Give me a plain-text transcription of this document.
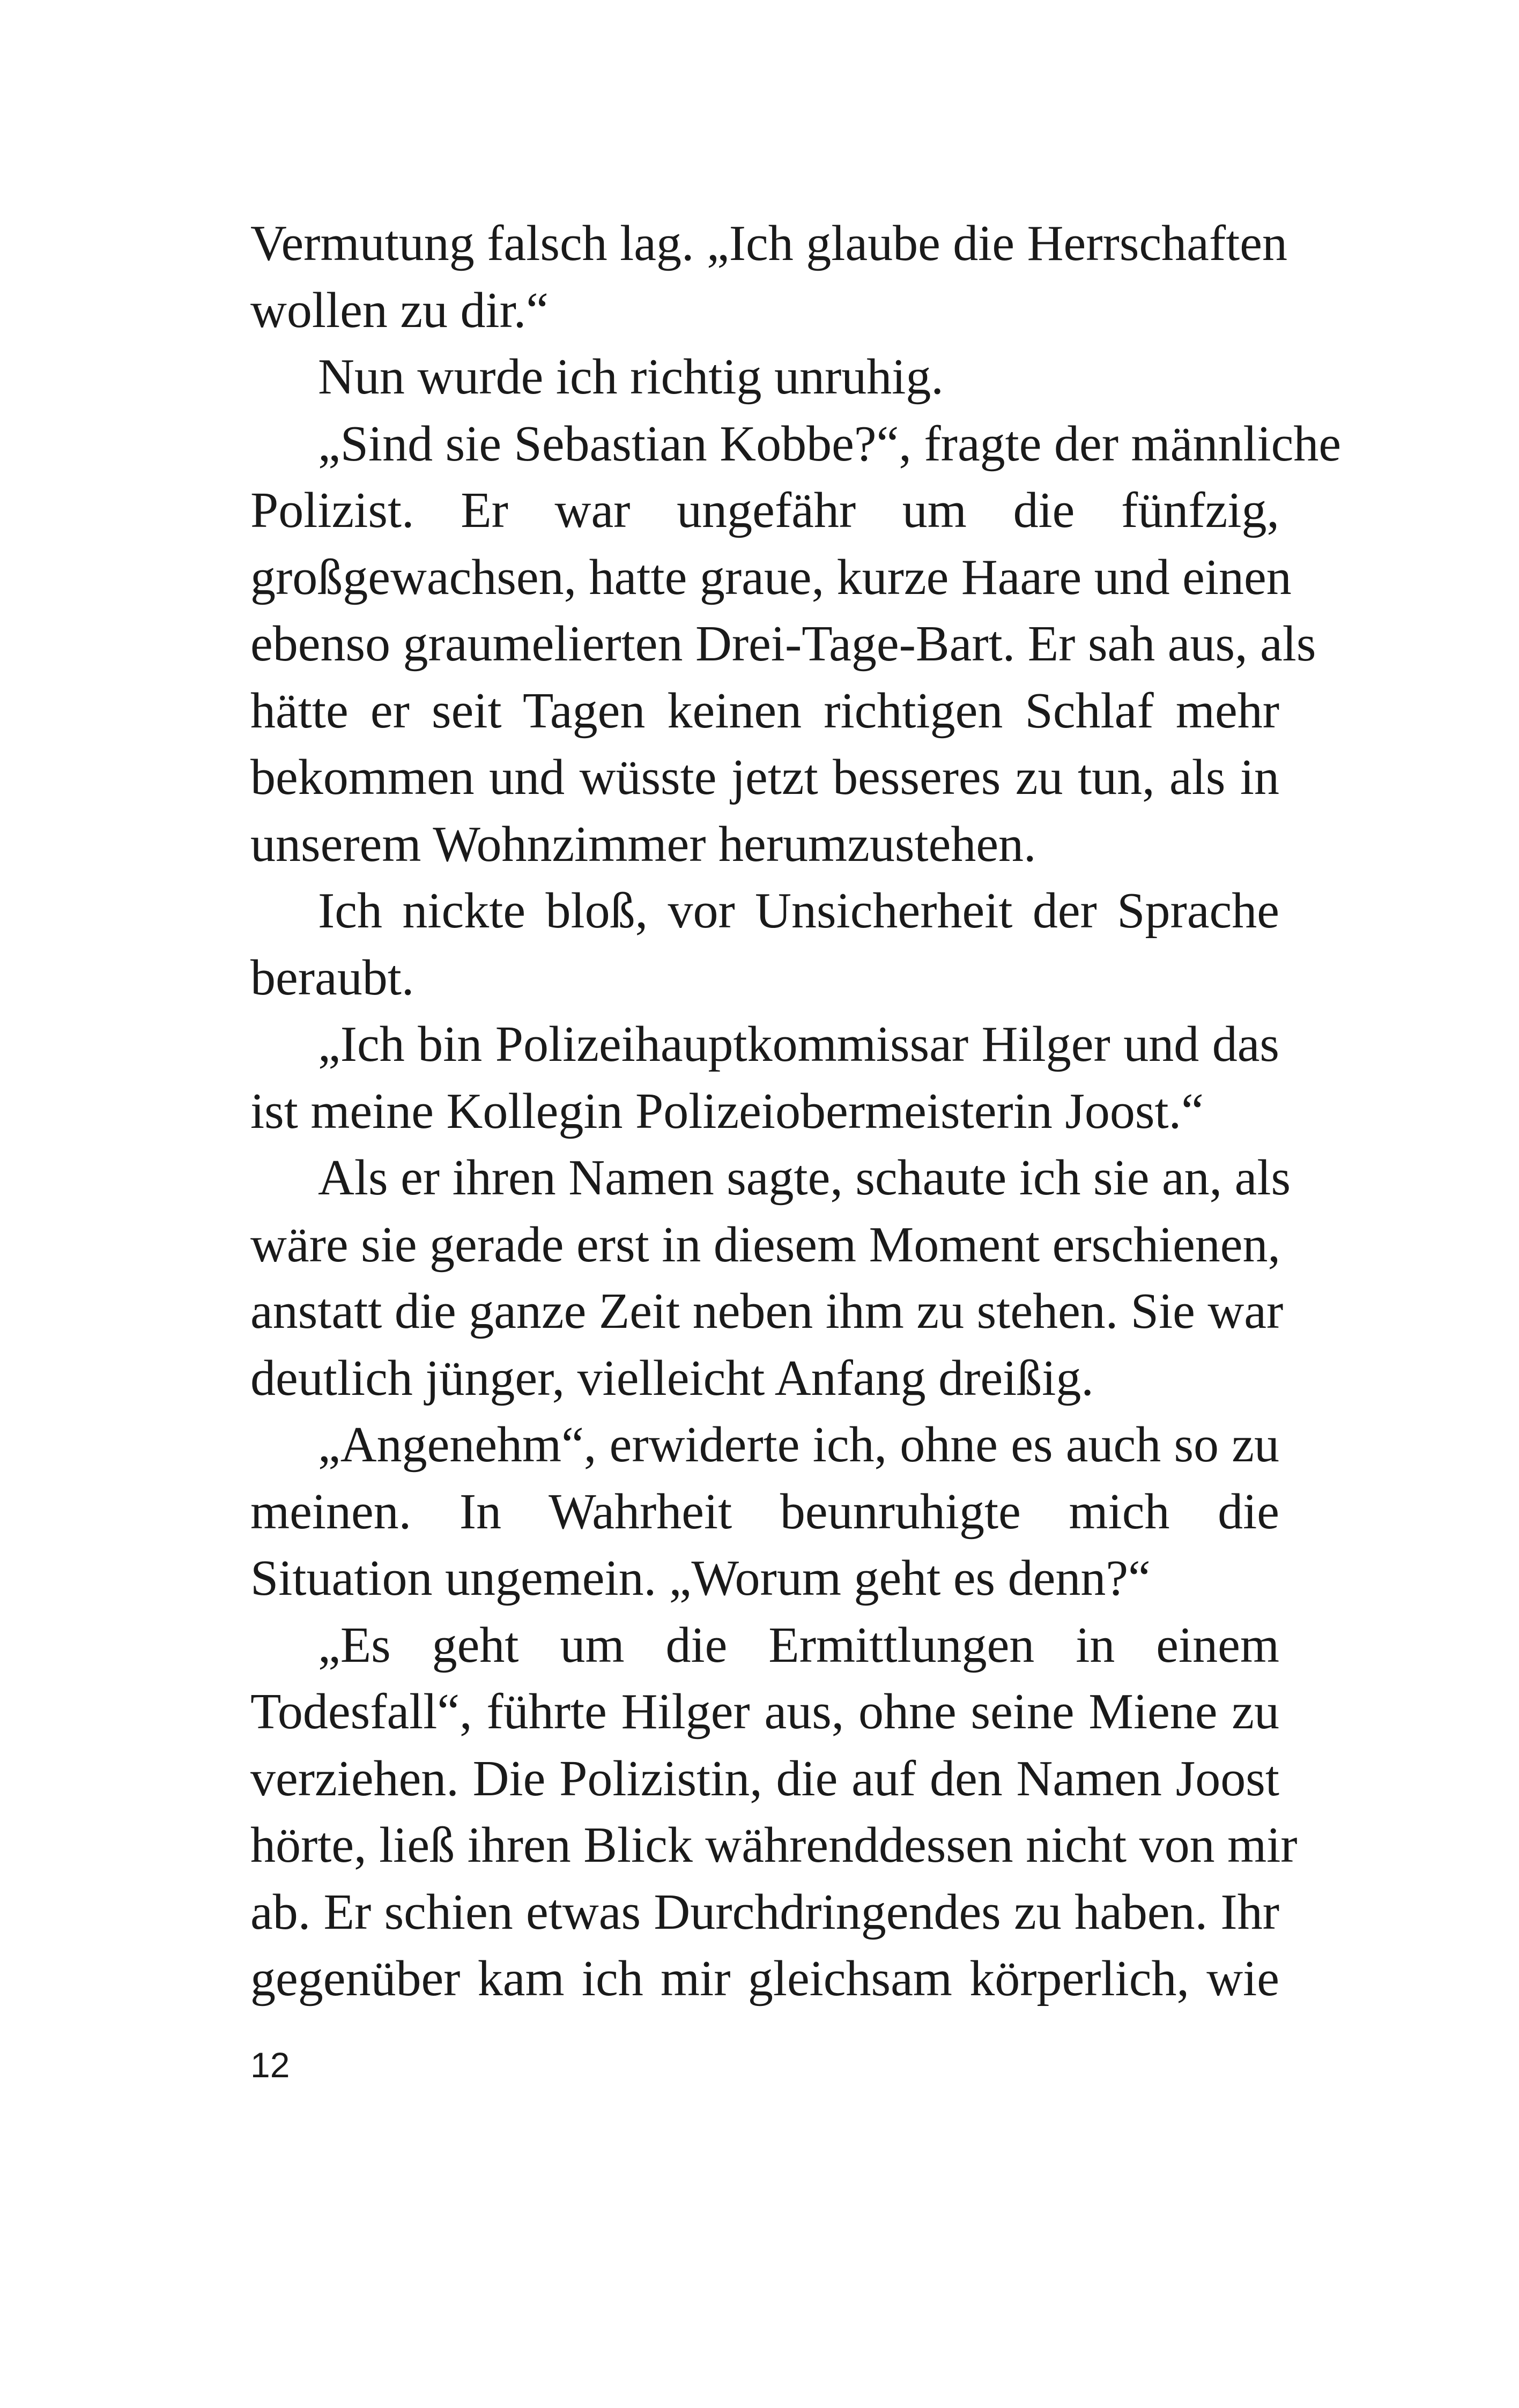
Vermutung falsch lag. „Ich glaube die Herrschaften
wollen zu dir.“
Nun wurde ich richtig unruhig.
„Sind sie Sebastian Kobbe?“, fragte der männliche
Polizist. Er war ungefähr um die fünfzig,
großgewachsen, hatte graue, kurze Haare und einen
ebenso graumelierten Drei-Tage-Bart. Er sah aus, als
hätte er seit Tagen keinen richtigen Schlaf mehr
bekommen und wüsste jetzt besseres zu tun, als in
unserem Wohnzimmer herumzustehen.
Ich nickte bloß, vor Unsicherheit der Sprache
beraubt.
„Ich bin Polizeihauptkommissar Hilger und das
ist meine Kollegin Polizeiobermeisterin Joost.“
Als er ihren Namen sagte, schaute ich sie an, als
wäre sie gerade erst in diesem Moment erschienen,
anstatt die ganze Zeit neben ihm zu stehen. Sie war
deutlich jünger, vielleicht Anfang dreißig.
„Angenehm“, erwiderte ich, ohne es auch so zu
meinen. In Wahrheit beunruhigte mich die
Situation ungemein. „Worum geht es denn?“
„Es geht um die Ermittlungen in einem
Todesfall“, führte Hilger aus, ohne seine Miene zu
verziehen. Die Polizistin, die auf den Namen Joost
hörte, ließ ihren Blick währenddessen nicht von mir
ab. Er schien etwas Durchdringendes zu haben. Ihr
gegenüber kam ich mir gleichsam körperlich, wie
12
